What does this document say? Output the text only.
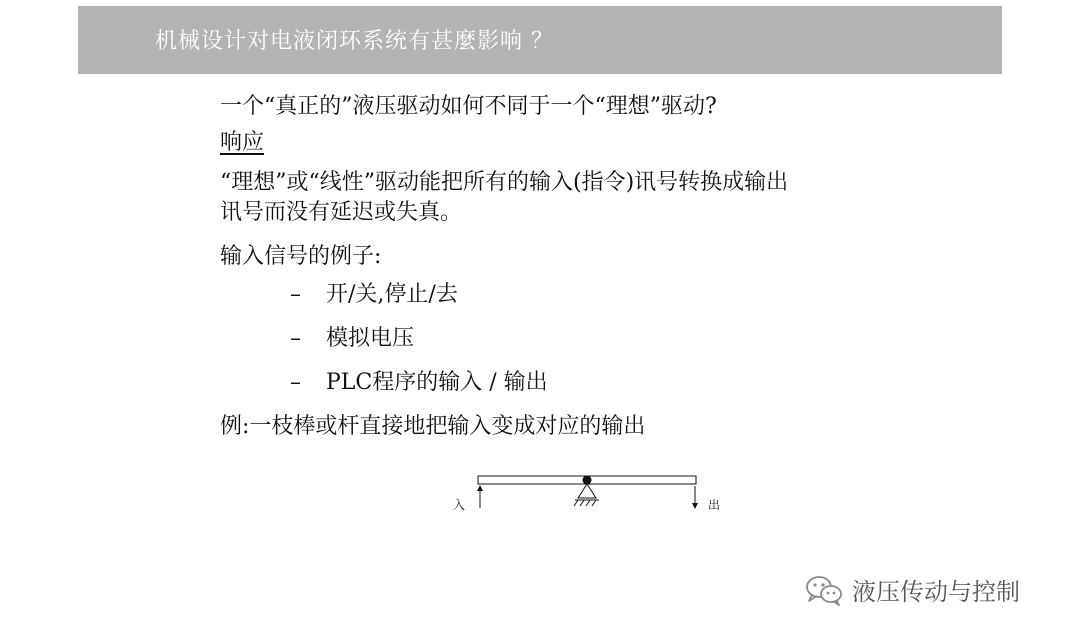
机械设计对电液闭环系统有甚麼影响 ？
一个“真正的”液压驱动如何不同于一个“理想”驱动?
响应
“理想”或“线性”驱动能把所有的输入(指令)讯号转换成输出
讯号而没有延迟或失真。
输入信号的例子:
– 开/关,停止/去
– 模拟电压
– PLC程序的输入 / 输出
例:一枝棒或杆直接地把输入变成对应的输出
入	出
液压传动与控制
